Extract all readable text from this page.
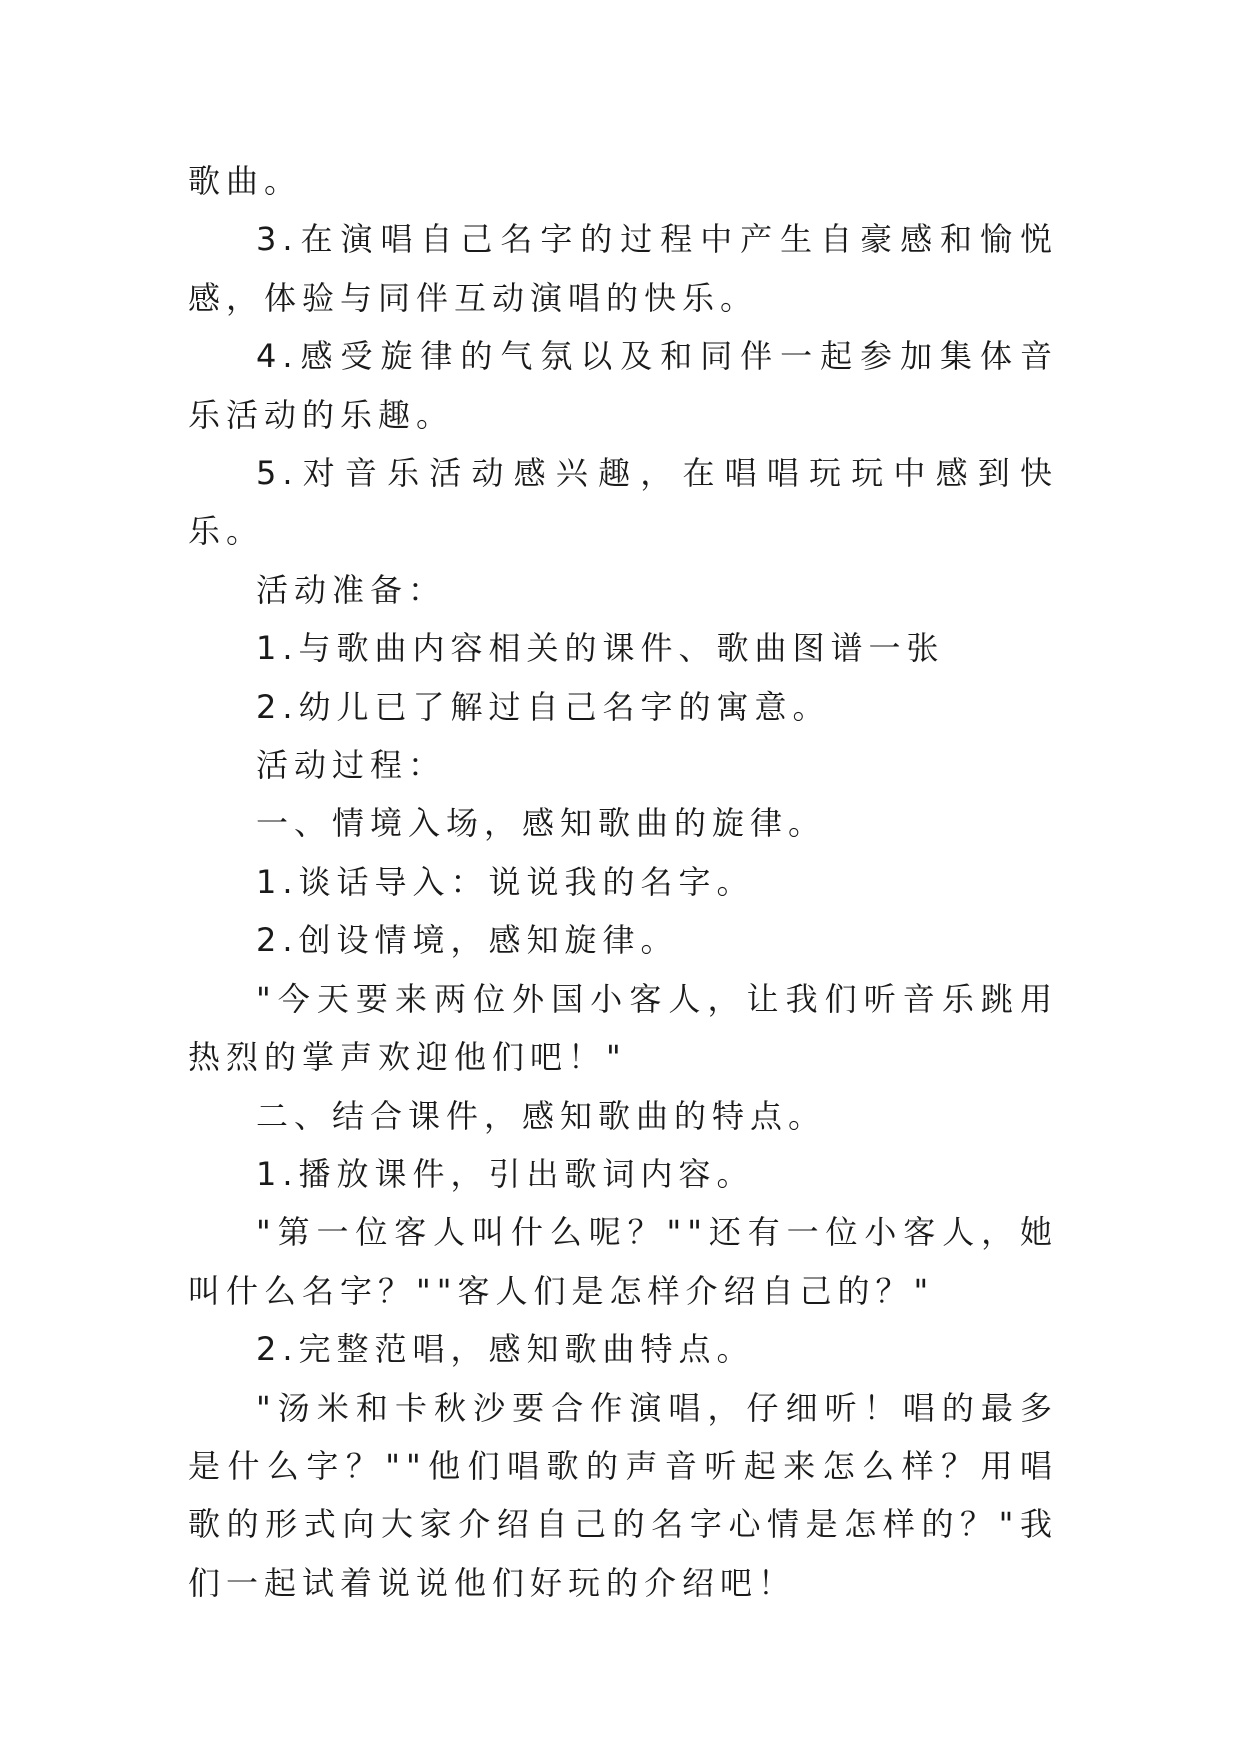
歌曲。

3.在演唱自己名字的过程中产生自豪感和愉悦感，体验与同伴互动演唱的快乐。

4.感受旋律的气氛以及和同伴一起参加集体音乐活动的乐趣。

5.对音乐活动感兴趣，在唱唱玩玩中感到快乐。

活动准备：

1.与歌曲内容相关的课件、歌曲图谱一张

2.幼儿已了解过自己名字的寓意。

活动过程：

一、情境入场，感知歌曲的旋律。

1.谈话导入：说说我的名字。

2.创设情境，感知旋律。

"今天要来两位外国小客人，让我们听音乐跳用热烈的掌声欢迎他们吧！"

二、结合课件，感知歌曲的特点。

1.播放课件，引出歌词内容。

"第一位客人叫什么呢？""还有一位小客人，她叫什么名字？""客人们是怎样介绍自己的？"

2.完整范唱，感知歌曲特点。

"汤米和卡秋沙要合作演唱，仔细听！唱的最多是什么字？""他们唱歌的声音听起来怎么样？用唱歌的形式向大家介绍自己的名字心情是怎样的？"我们一起试着说说他们好玩的介绍吧！
